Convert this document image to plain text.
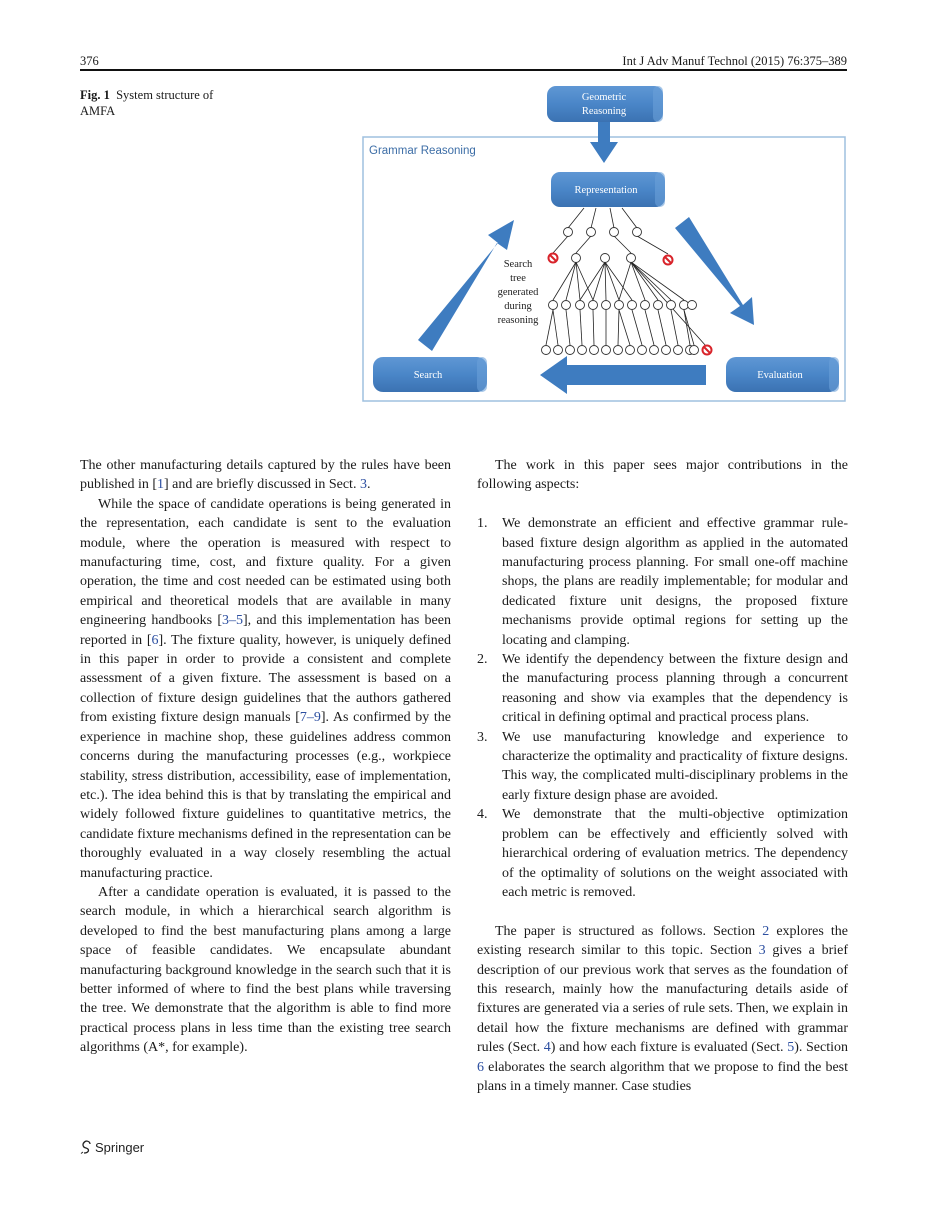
376	Int J Adv Manuf Technol (2015) 76:375–389
Fig. 1 System structure of AMFA
Grammar Reasoning
Geometric
Reasoning
Representation
Search	Evaluation
Search
tree
generated
during
reasoning

The other manufacturing details captured by the rules have been published in [1] and are briefly discussed in Sect. 3.

While the space of candidate operations is being generated in the representation, each candidate is sent to the evaluation module, where the operation is measured with respect to manufacturing time, cost, and fixture quality. For a given operation, the time and cost needed can be estimated using both empirical and theoretical models that are available in many engineering handbooks [3–5], and this implementation has been reported in [6]. The fixture quality, however, is uniquely defined in this paper in order to provide a consistent and complete assessment of a given fixture. The assessment is based on a collection of fixture design guidelines that the authors gathered from existing fixture design manuals [7–9]. As confirmed by the experience in machine shop, these guidelines address common concerns during the manufacturing processes (e.g., workpiece stability, stress distribution, accessibility, ease of implementation, etc.). The idea behind this is that by translating the empirical and widely followed fixture guidelines to quantitative metrics, the candidate fixture mechanisms defined in the representation can be thoroughly evaluated in a way closely resembling the actual manufacturing practice.

After a candidate operation is evaluated, it is passed to the search module, in which a hierarchical search algorithm is developed to find the best manufacturing plans among a large space of feasible candidates. We encapsulate abundant manufacturing background knowledge in the search such that it is better informed of where to find the best plans while traversing the tree. We demonstrate that the algorithm is able to find more practical process plans in less time than the existing tree search algorithms (A*, for example).

The work in this paper sees major contributions in the following aspects:

1. We demonstrate an efficient and effective grammar rule-based fixture design algorithm as applied in the automated manufacturing process planning. For small one-off machine shops, the plans are readily implementable; for modular and dedicated fixture unit designs, the proposed fixture mechanisms provide optimal regions for setting up the locating and clamping.
2. We identify the dependency between the fixture design and the manufacturing process planning through a concurrent reasoning and show via examples that the dependency is critical in defining optimal and practical process plans.
3. We use manufacturing knowledge and experience to characterize the optimality and practicality of fixture designs. This way, the complicated multi-disciplinary problems in the early fixture design phase are avoided.
4. We demonstrate that the multi-objective optimization problem can be effectively and efficiently solved with hierarchical ordering of evaluation metrics. The dependency of the optimality of solutions on the weight associated with each metric is removed.

The paper is structured as follows. Section 2 explores the existing research similar to this topic. Section 3 gives a brief description of our previous work that serves as the foundation of this research, mainly how the manufacturing details aside of fixtures are generated via a series of rule sets. Then, we explain in detail how the fixture mechanisms are defined with grammar rules (Sect. 4) and how each fixture is evaluated (Sect. 5). Section 6 elaborates the search algorithm that we propose to find the best plans in a timely manner. Case studies

Springer
